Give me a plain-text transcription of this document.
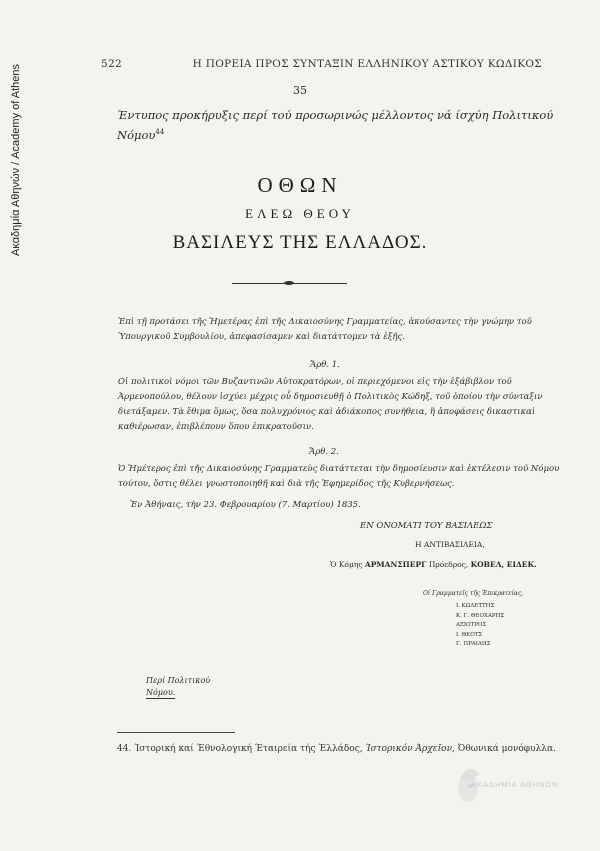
Ακαδημία Αθηνών / Academy of Athens	522	Η ΠΟΡΕΙΑ ΠΡΟΣ ΣΥΝΤΑΞΙΝ ΕΛΛΗΝΙΚΟΥ ΑΣΤΙΚΟΥ ΚΩΔΙΚΟΣ
35
Έντυπος προκήρυξις περί τού προσωρινώς μέλλοντος νά ίσχύη Πολιτικού Νόμου$^{44}$
ΟΘΩΝ
ΕΛΕΩ ΘΕΟΥ
ΒΑΣΙΛΕΥΣ ΤΗΣ ΕΛΛΑΔΟΣ.
Ἐπὶ τῇ προτάσει τῆς Ἡμετέρας ἐπὶ τῆς Δικαιοσύνης Γραμματείας, ἀκούσαντες τὴν γνώμην τοῦ Ὑπουργικοῦ Συμβουλίου, ἀπεφασίσαμεν καὶ διατάττομεν τὰ ἑξῆς.
Ἄρθ. 1.
Οἱ πολιτικοὶ νόμοι τῶν Βυζαντινῶν Αὐτοκρατόρων, οἱ περιεχόμενοι εἰς τὴν ἑξάβιβλον τοῦ Ἀρμενοπούλου, θέλουν ἰσχύει μέχρις οὗ δημοσιευθῇ ὁ Πολιτικὸς Κώδηξ, τοῦ ὁποίου τὴν σύνταξιν διετάξαμεν. Τὰ ἔθιμα ὅμως, ὅσα πολυχρόνιος καὶ ἀδιάκοπος συνήθεια, ἢ ἀποφάσεις δικαστικαὶ καθιέρωσαν, ἐπιβλέπουν ὅπου ἐπικρατοῦσιν.
Ἄρθ. 2.
Ὁ Ἡμέτερος ἐπὶ τῆς Δικαιοσύνης Γραμματεὺς διατάττεται τὴν δημοσίευσιν καὶ ἐκτέλεσιν τοῦ Νόμου τούτου, ὅστις θέλει γνωστοποιηθῆ καὶ διὰ τῆς Ἐφημερίδος τῆς Κυβερνήσεως.
Ἐν Ἀθήναις, τὴν 23. Φεβρουαρίου (7. Μαρτίου) 1835.
ΕΝ ΟΝΟΜΑΤΙ ΤΟΥ ΒΑΣΙΛΕΩΣ
Η ΑΝΤΙΒΑΣΙΛΕΙΑ,
Ὁ Κόμης ΑΡΜΑΝΣΠΕΡΓ Πρόεδρος, ΚΟΒΕΛ, ΕΙΔΕΚ.
Οἱ Γραμματεῖς τῆς Ἐπικρατείας,
Ι. ΚΩΛΕΤΤΗΣ
Κ. Γ. ΘΕΟΧΑΡΗΣ
ΑΞΙΟΤΡΟΣ
Ι. ΘΕΟΤΣ
Γ. ΠΡΑΙΔΗΣ
Περί Πολιτικού
Νόμου.
44. Ίστορική καί Έθνολογική Έταιρεία τής Έλλάδος, Ίστορικόν Άρχεῖον, Όθωνικά μονόφυλλα.
ΑΚΑΔΗΜΙΑ ΑΘΗΝΩΝ
